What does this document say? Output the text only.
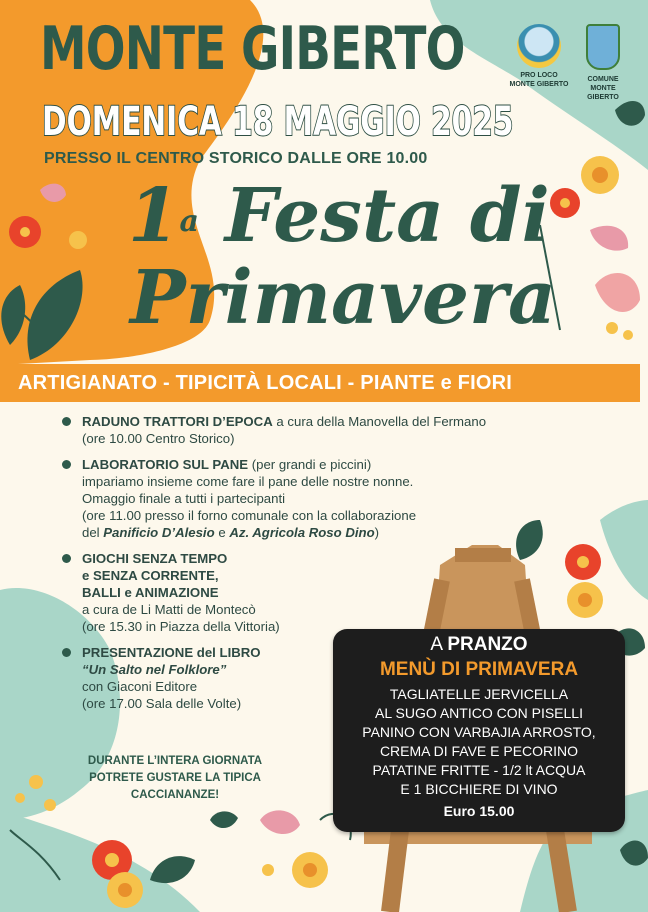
MONTE GIBERTO
DOMENICA 18 MAGGIO 2025
PRESSO IL CENTRO STORICO DALLE ORE 10.00
PRO LOCO
MONTE GIBERTO
COMUNE
MONTE GIBERTO
1$^a$ Festa di
Primavera
ARTIGIANATO - TIPICITÀ LOCALI - PIANTE e FIORI
RADUNO TRATTORI D’EPOCA a cura della Manovella del Fermano
(ore 10.00 Centro Storico)
LABORATORIO SUL PANE (per grandi e piccini)
impariamo insieme come fare il pane delle nostre nonne.
Omaggio finale a tutti i partecipanti
(ore 11.00 presso il forno comunale con la collaborazione
del Panificio D’Alesio e Az. Agricola Roso Dino)
GIOCHI SENZA TEMPO
e SENZA CORRENTE,
BALLI e ANIMAZIONE
a cura de Li Matti de Montecò
(ore 15.30 in Piazza della Vittoria)
PRESENTAZIONE del LIBRO
“Un Salto nel Folklore”
con Giaconi Editore
(ore 17.00 Sala delle Volte)
DURANTE L’INTERA GIORNATA
POTRETE GUSTARE LA TIPICA
CACCIANANZE!
A PRANZO
MENÙ DI PRIMAVERA
TAGLIATELLE JERVICELLA
AL SUGO ANTICO CON PISELLI
PANINO CON VARBAJIA ARROSTO,
CREMA DI FAVE E PECORINO
PATATINE FRITTE - 1/2 lt ACQUA
E 1 BICCHIERE DI VINO
Euro 15.00
